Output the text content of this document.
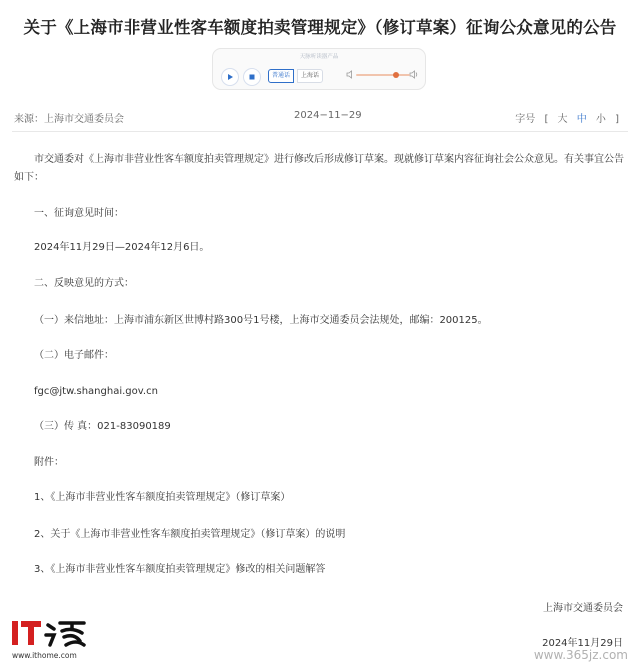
关于《上海市非营业性客车额度拍卖管理规定》（修订草案）征询公众意见的公告
天脉听读器产品
普通话	上海话
来源：上海市交通委员会	2024−11−29	字号 [ 大 中 小 ]
市交通委对《上海市非营业性客车额度拍卖管理规定》进行修改后形成修订草案。现就修订草案内容征询社会公众意见。有关事宜公告
如下：
一、征询意见时间：
2024年11月29日—2024年12月6日。
二、反映意见的方式：
（一）来信地址：上海市浦东新区世博村路300号1号楼，上海市交通委员会法规处，邮编：200125。
（二）电子邮件：
fgc@jtw.shanghai.gov.cn
（三）传 真：021-83090189
附件：
1、《上海市非营业性客车额度拍卖管理规定》（修订草案）
2、关于《上海市非营业性客车额度拍卖管理规定》（修订草案）的说明
3、《上海市非营业性客车额度拍卖管理规定》修改的相关问题解答
上海市交通委员会
2024年11月29日
www.ithome.com	www.365jz.com
